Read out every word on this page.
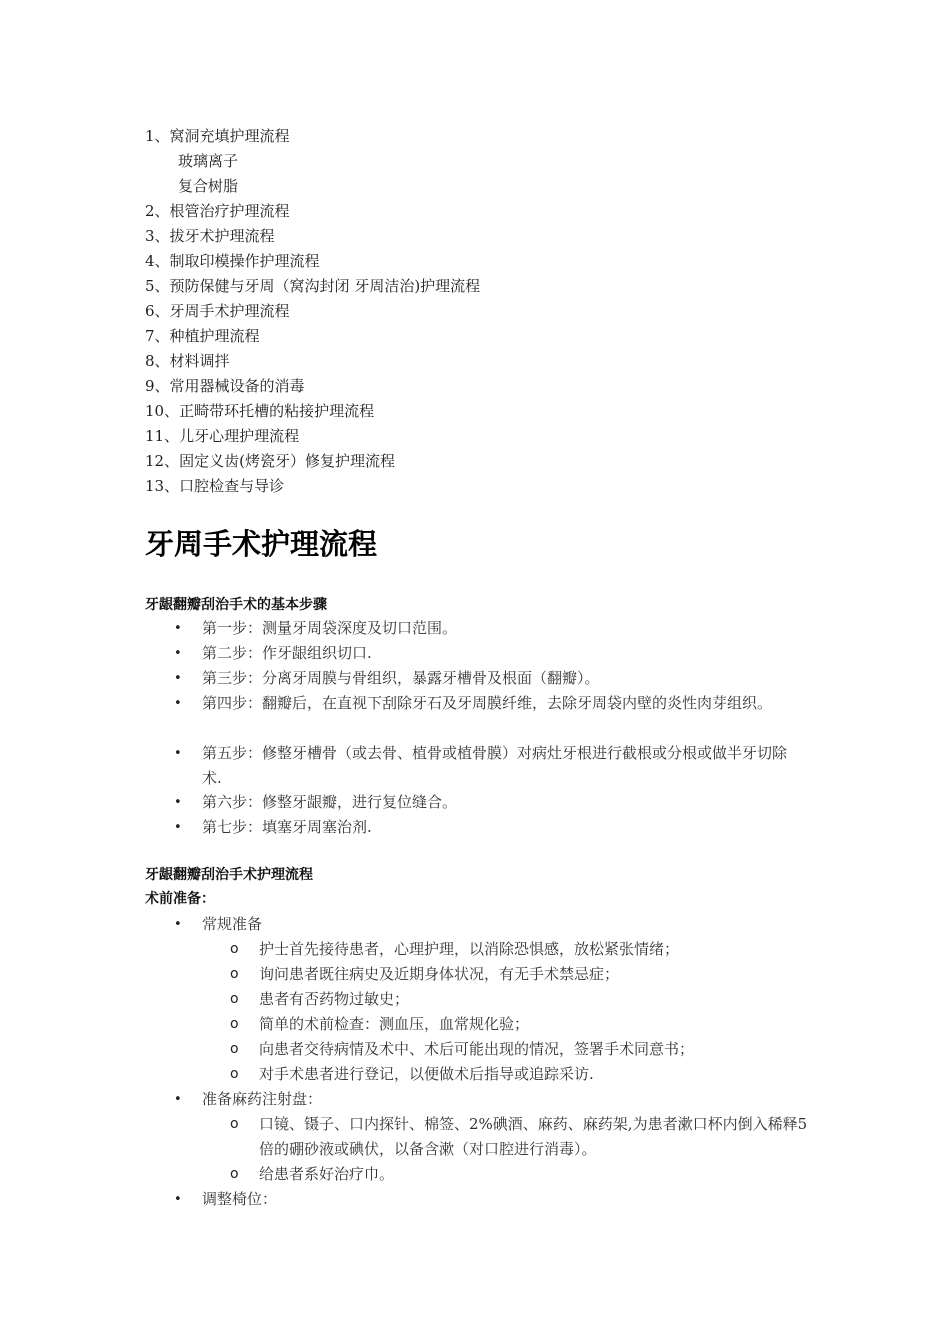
1、窝洞充填护理流程
玻璃离子
复合树脂
2、根管治疗护理流程
3、拔牙术护理流程
4、制取印模操作护理流程
5、预防保健与牙周（窝沟封闭 牙周洁治)护理流程
6、牙周手术护理流程
7、种植护理流程
8、材料调拌
9、常用器械设备的消毒
10、正畸带环托槽的粘接护理流程
11、儿牙心理护理流程
12、固定义齿(烤瓷牙）修复护理流程
13、口腔检查与导诊
牙周手术护理流程
牙龈翻瓣刮治手术的基本步骤
•	第一步：测量牙周袋深度及切口范围。
•	第二步：作牙龈组织切口.
•	第三步：分离牙周膜与骨组织，暴露牙槽骨及根面（翻瓣）。
•	第四步：翻瓣后，在直视下刮除牙石及牙周膜纤维，去除牙周袋内壁的炎性肉芽组织。
•	第五步：修整牙槽骨（或去骨、植骨或植骨膜）对病灶牙根进行截根或分根或做半牙切除术.
•	第六步：修整牙龈瓣，进行复位缝合。
•	第七步：填塞牙周塞治剂.
牙龈翻瓣刮治手术护理流程
术前准备：
•	常规准备
o 护士首先接待患者，心理护理，以消除恐惧感，放松紧张情绪；
o 询问患者既往病史及近期身体状况，有无手术禁忌症；
o 患者有否药物过敏史；
o 简单的术前检查：测血压，血常规化验；
o 向患者交待病情及术中、术后可能出现的情况，签署手术同意书；
o 对手术患者进行登记，以便做术后指导或追踪采访.
•	准备麻药注射盘：
o 口镜、镊子、口内探针、棉签、2%碘酒、麻药、麻药架,为患者漱口杯内倒入稀释5倍的硼砂液或碘伏，以备含漱（对口腔进行消毒）。
o 给患者系好治疗巾。
•	调整椅位：
